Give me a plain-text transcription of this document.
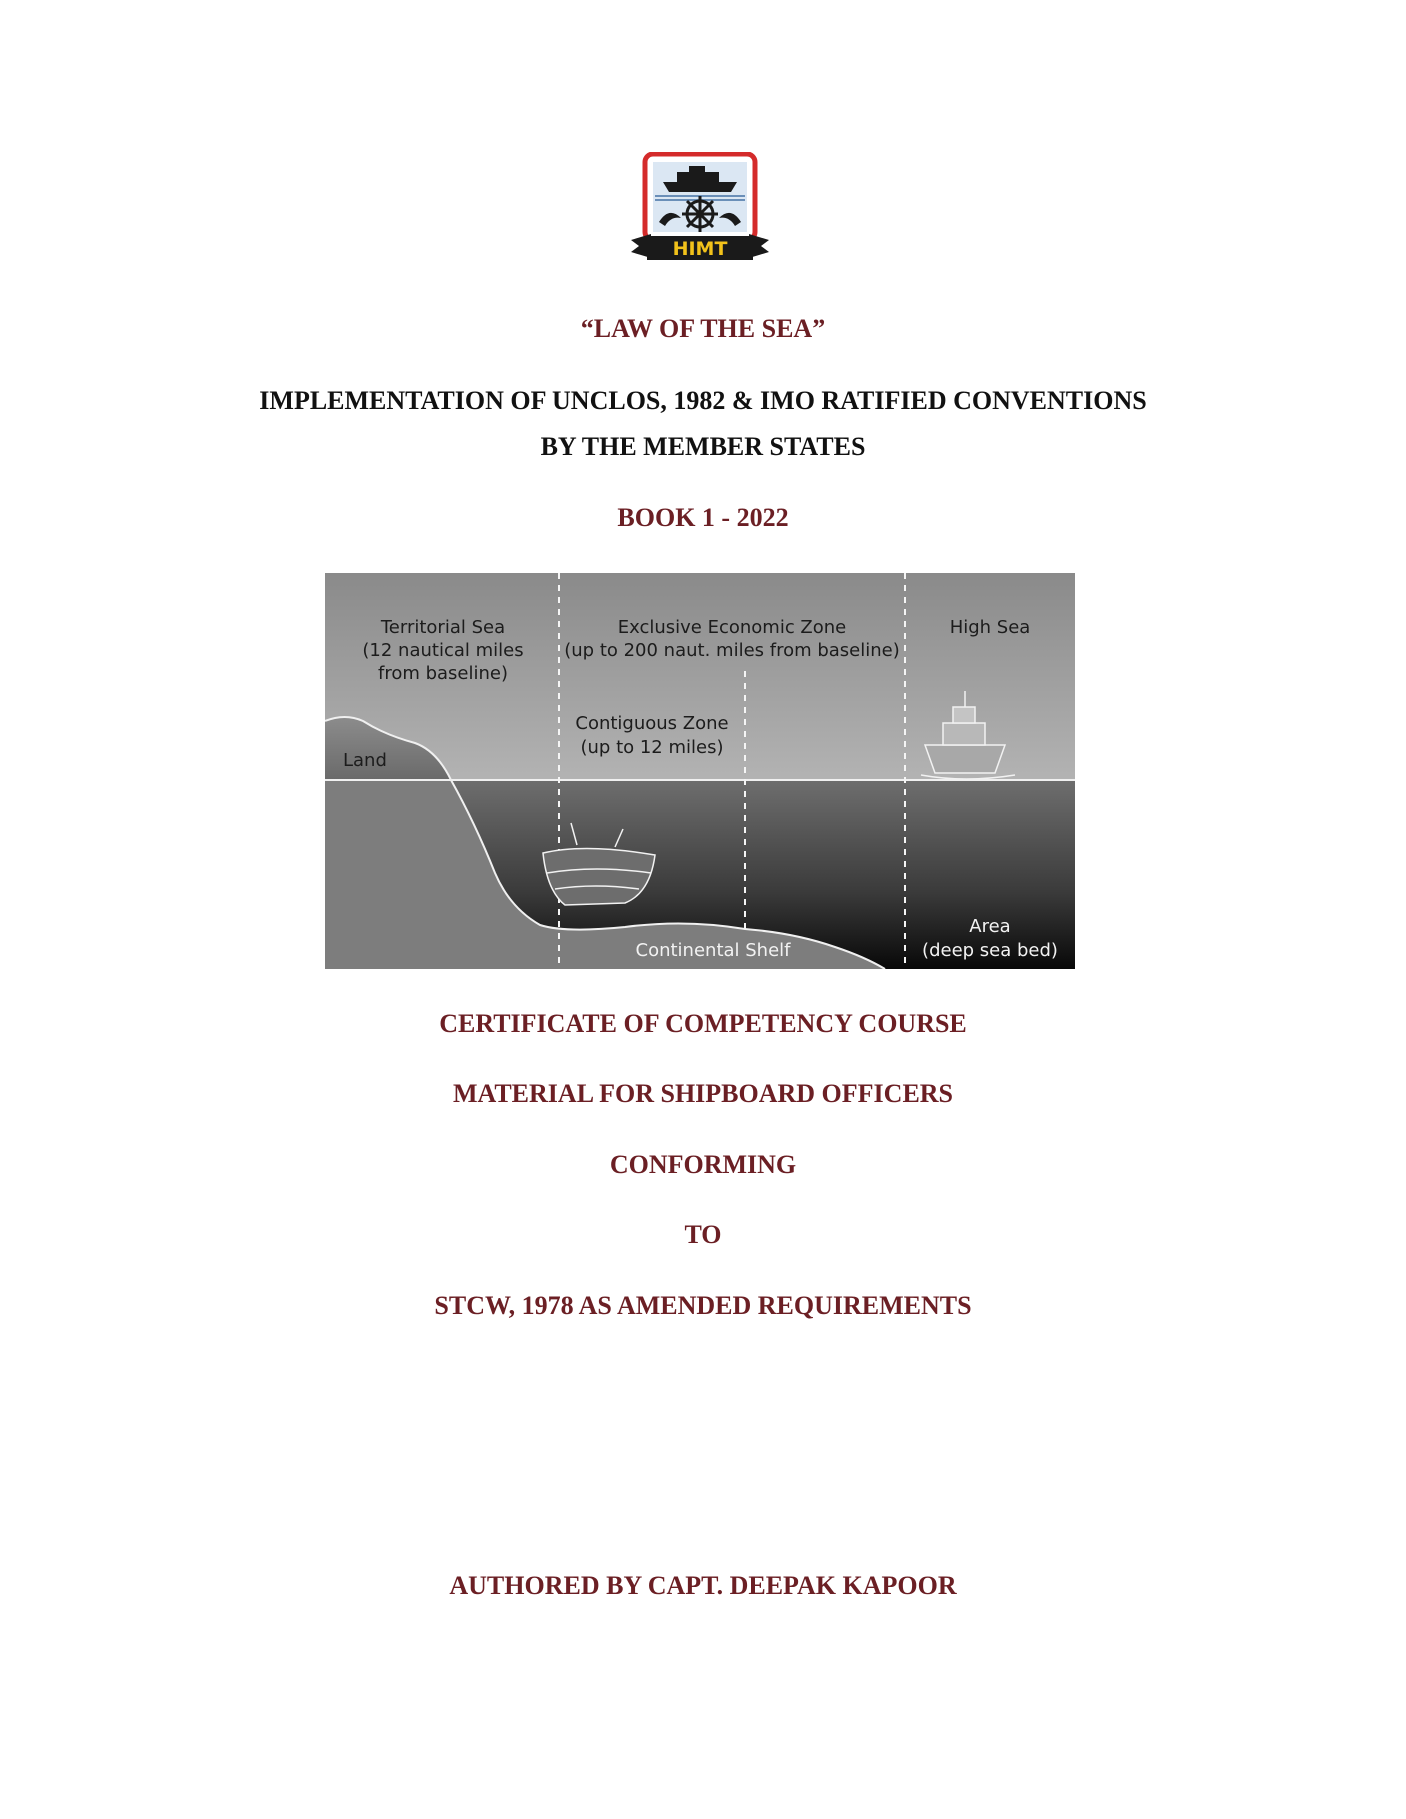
HIMT

“LAW OF THE SEA”

IMPLEMENTATION OF UNCLOS, 1982 & IMO RATIFIED CONVENTIONS

BY THE MEMBER STATES

BOOK 1 - 2022

Territorial Sea
(12 nautical miles
from baseline)
Exclusive Economic Zone
(up to 200 naut. miles from baseline)
High Sea
Contiguous Zone
(up to 12 miles)
Land
Continental Shelf
Area
(deep sea bed)

CERTIFICATE OF COMPETENCY COURSE

MATERIAL FOR SHIPBOARD OFFICERS

CONFORMING

TO

STCW, 1978 AS AMENDED REQUIREMENTS

AUTHORED BY CAPT. DEEPAK KAPOOR
